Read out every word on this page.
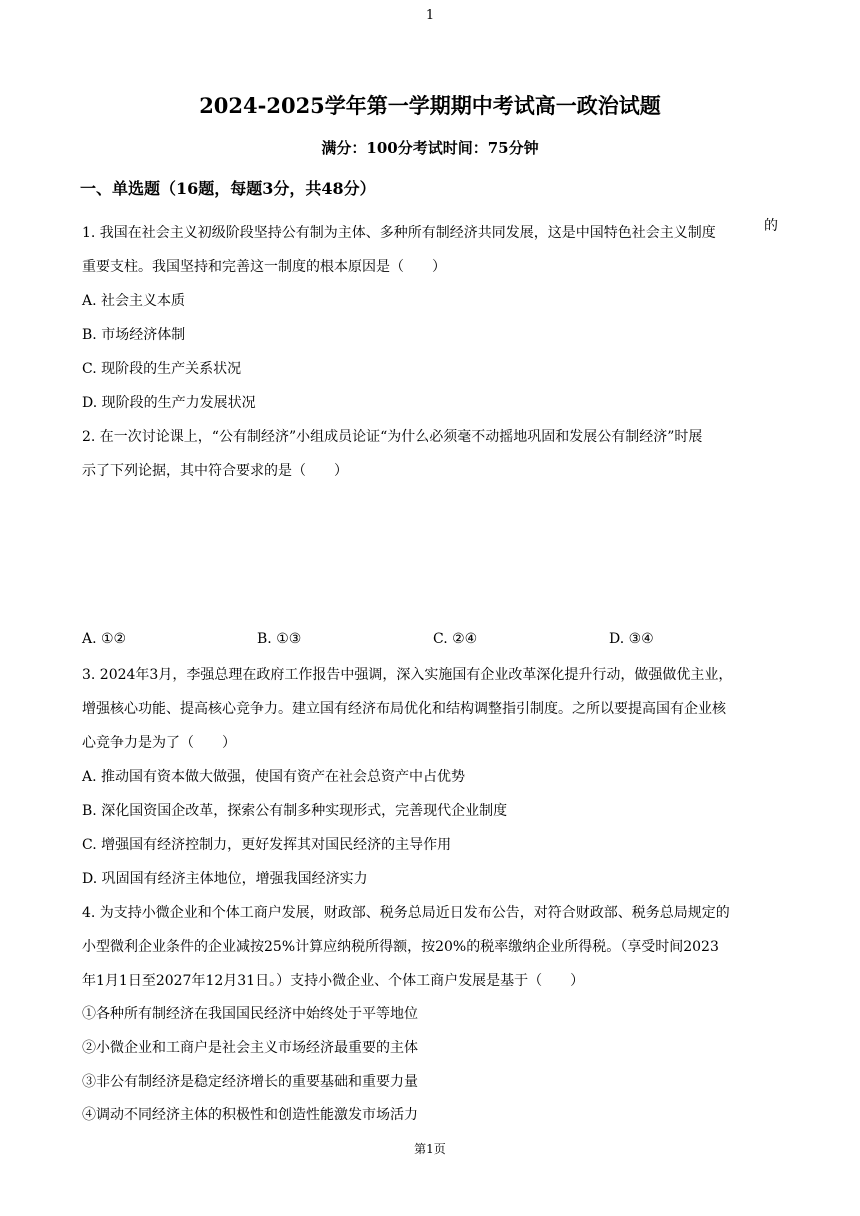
1
2024-2025学年第一学期期中考试高一政治试题
满分：100分考试时间：75分钟
一、单选题（16题，每题3分，共48分）
1. 我国在社会主义初级阶段坚持公有制为主体、多种所有制经济共同发展，这是中国特色社会主义制度	的
重要支柱。我国坚持和完善这一制度的根本原因是（　　）
A. 社会主义本质
B. 市场经济体制
C. 现阶段的生产关系状况
D. 现阶段的生产力发展状况
2. 在一次讨论课上，“公有制经济”小组成员论证“为什么必须毫不动摇地巩固和发展公有制经济”时展
示了下列论据，其中符合要求的是（　　）
A. ①②	B. ①③	C. ②④	D. ③④
3. 2024年3月，李强总理在政府工作报告中强调，深入实施国有企业改革深化提升行动，做强做优主业，
增强核心功能、提高核心竞争力。建立国有经济布局优化和结构调整指引制度。之所以要提高国有企业核
心竞争力是为了（　　）
A. 推动国有资本做大做强，使国有资产在社会总资产中占优势
B. 深化国资国企改革，探索公有制多种实现形式，完善现代企业制度
C. 增强国有经济控制力，更好发挥其对国民经济的主导作用
D. 巩固国有经济主体地位，增强我国经济实力
4. 为支持小微企业和个体工商户发展，财政部、税务总局近日发布公告，对符合财政部、税务总局规定的
小型微利企业条件的企业减按25%计算应纳税所得额，按20%的税率缴纳企业所得税。（享受时间2023
年1月1日至2027年12月31日。）支持小微企业、个体工商户发展是基于（　　）
①各种所有制经济在我国国民经济中始终处于平等地位
②小微企业和工商户是社会主义市场经济最重要的主体
③非公有制经济是稳定经济增长的重要基础和重要力量
④调动不同经济主体的积极性和创造性能激发市场活力
第1页
